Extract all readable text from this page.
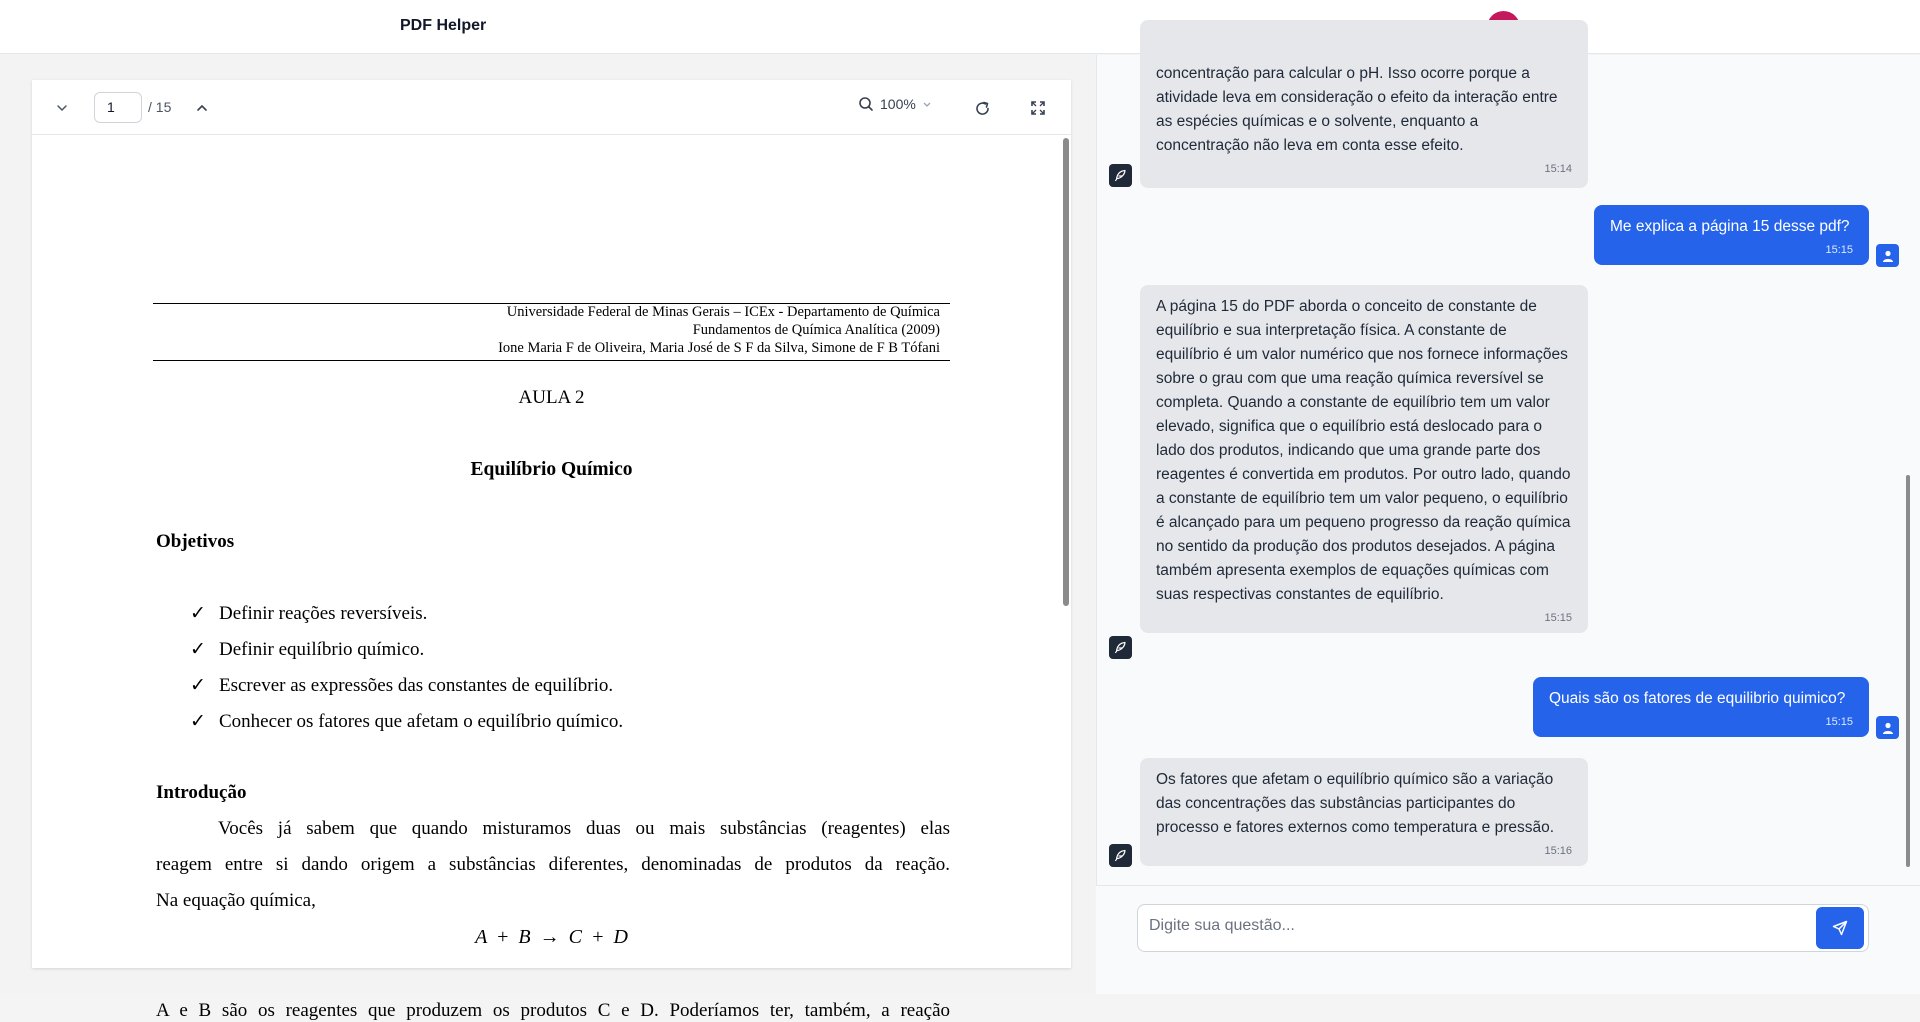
PDF Helper
1	/ 15	100%
Universidade Federal de Minas Gerais – ICEx - Departamento de Química
Fundamentos de Química Analítica (2009)
Ione Maria F de Oliveira, Maria José de S F da Silva, Simone de F B Tófani
AULA 2
Equilíbrio Químico
Objetivos
✓ Definir reações reversíveis.
✓ Definir equilíbrio químico.
✓ Escrever as expressões das constantes de equilíbrio.
✓ Conhecer os fatores que afetam o equilíbrio químico.
Introdução
Vocês já sabem que quando misturamos duas ou mais substâncias (reagentes) elas
reagem entre si dando origem a substâncias diferentes, denominadas de produtos da reação.
Na equação química,
A + B → C + D
A e B são os reagentes que produzem os produtos C e D. Poderíamos ter, também, a reação
concentração para calcular o pH. Isso ocorre porque a atividade leva em consideração o efeito da interação entre as espécies químicas e o solvente, enquanto a concentração não leva em conta esse efeito.
15:14
Me explica a página 15 desse pdf?
15:15
A página 15 do PDF aborda o conceito de constante de equilíbrio e sua interpretação física. A constante de equilíbrio é um valor numérico que nos fornece informações sobre o grau com que uma reação química reversível se completa. Quando a constante de equilíbrio tem um valor elevado, significa que o equilíbrio está deslocado para o lado dos produtos, indicando que uma grande parte dos reagentes é convertida em produtos. Por outro lado, quando a constante de equilíbrio tem um valor pequeno, o equilíbrio é alcançado para um pequeno progresso da reação química no sentido da produção dos produtos desejados. A página também apresenta exemplos de equações químicas com suas respectivas constantes de equilíbrio.
15:15
Quais são os fatores de equilibrio quimico?
15:15
Os fatores que afetam o equilíbrio químico são a variação das concentrações das substâncias participantes do processo e fatores externos como temperatura e pressão.
15:16
Digite sua questão...
